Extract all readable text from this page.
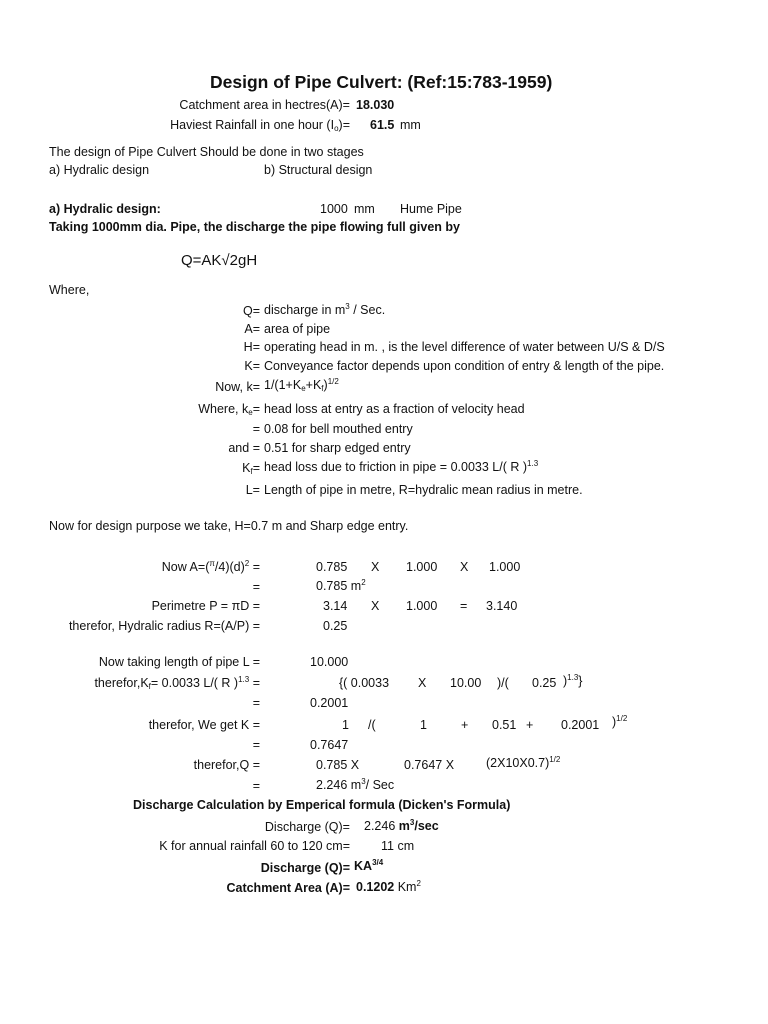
Design of Pipe Culvert: (Ref:15:783-1959)
Catchment area in hectres(A)= 18.030
Haviest Rainfall in one hour $(I_o)= 61.5$ mm
The design of Pipe Culvert Should be done in two stages
a) Hydralic design	b) Structural design
a) Hydralic design:	1000 mm Hume Pipe
Taking 1000mm dia. Pipe, the discharge the pipe flowing full given by
Q=AK√2gH
Where,
Q= discharge in $m^3$ / Sec.
A= area of pipe
H= operating head in m. , is the level difference of water between U/S & D/S
K= Conveyance factor depends upon condition of entry & length of the pipe.
Now, $k= 1/(1+K_e+K_f)^{1/2}$
Where, $k_e=$ head loss at entry as a fraction of velocity head
= 0.08 for bell mouthed entry
and = 0.51 for sharp edged entry
$K_f=$ head loss due to friction in pipe = 0.0033 L/( R )$^{1.3}$
L= Length of pipe in metre, R=hydralic mean radius in metre.
Now for design purpose we take, H=0.7 m and Sharp edge entry.
Now $A=(^\pi/4)(d)^2$ =	0.785 X 1.000 X 1.000
=	0.785 $m^2$
Perimetre P = πD =	3.14 X 1.000 = 3.140
therefor, Hydralic radius R=(A/P) =	0.25
Now taking length of pipe L =	10.000
$therefor,K_f= 0.0033$ L/( R )$^{1.3}$ =	{( 0.0033 X 10.00 )/( 0.25 )$^{1.3}$}
=	0.2001
therefor, We get K =	1 /(	1	+ 0.51 + 0.2001 )$^{1/2}$
=	0.7647
therefor,Q =	0.785 X	0.7647 X	$(2X10X0.7)^{1/2}$
=	2.246 $m^3/$ Sec
Discharge Calculation by Emperical formula (Dicken's Formula)
Discharge (Q)= 2.246 $m^3/\sec$
K for annual rainfall 60 to 120 cm= 11 cm
Discharge $(Q)= KA^{3/4}$
Catchment Area (A)= 0.1202 Km$^2$
